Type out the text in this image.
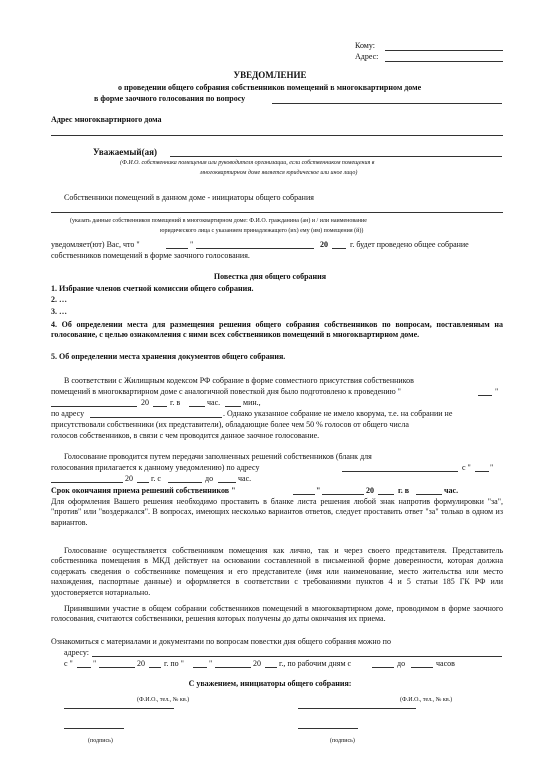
Кому:
Адрес:
УВЕДОМЛЕНИЕ
о проведении общего собрания собственников помещений в многоквартирном доме
в форме заочного голосования по вопросу
Адрес многоквартирного дома
Уважаемый(ая)
(Ф.И.О. собственника помещения или руководителя организации, если собственником помещения в
многоквартирном доме является юридическое или иное лицо)
Собственники помещений в данном доме - инициаторы общего собрания
(указать данные собственников помещений в многоквартирном доме: Ф.И.О. гражданина (ан) и / или наименование
юридического лица с указанием принадлежащего (их) ему (им) помещения (й))
уведомляет(ют) Вас, что "	"	20	г. будет проведено общее собрание
собственников помещений в форме заочного голосования.
Повестка дня общего собрания
1. Избрание членов счетной комиссии общего собрания.
2. …
3. …
4. Об определении места для размещения решения общего собрания собственников по вопросам, поставленным на голосование, с целью ознакомления с ними всех собственников помещений в многоквартирном доме.
5. Об определении места хранения документов общего собрания.
В соответствии с Жилищным кодексом РФ собрание в форме совместного присутствия собственников
помещений в многоквартирном доме с аналогичной повесткой дня было подготовлено к проведению "	"
20	г. в	час.	мин.,
по адресу	. Однако указанное собрание не имело кворума, т.е. на собрании не
присутствовали собственники (их представители), обладающие более чем 50 % голосов от общего числа
голосов собственников, в связи с чем проводится данное заочное голосование.
Голосование проводится путем передачи заполненных решений собственников (бланк для
голосования прилагается к данному уведомлению) по адресу	с " "
20 г. с	до	час.
Срок окончания приема решений собственников "	"	20	г. в	час.
Для оформления Вашего решения необходимо проставить в бланке листа решения любой знак напротив формулировки "за", "против" или "воздержался". В вопросах, имеющих несколько вариантов ответов, следует проставить ответ "за" только в одном из вариантов.
Голосование осуществляется собственником помещения как лично, так и через своего представителя. Представитель собственника помещения в МКД действует на основании составленной в письменной форме доверенности, которая должна содержать сведения о собственнике помещения и его представителе (имя или наименование, место жительства или место нахождения, паспортные данные) и оформляется в соответствии с требованиями пунктов 4 и 5 статьи 185 ГК РФ или удостоверяется нотариально.
Принявшими участие в общем собрании собственников помещений в многоквартирном доме, проводимом в форме заочного голосования, считаются собственники, решения которых получены до даты окончания их приема.
Ознакомиться с материалами и документами по вопросам повестки дня общего собрания можно по
адресу:
с "	"	20 г. по "	"	20 г., по рабочим дням с	до	часов
С уважением, инициаторы общего собрания:
(Ф.И.О., тел., № кв.)
(подпись)
(Ф.И.О., тел., № кв.)
(подпись)
